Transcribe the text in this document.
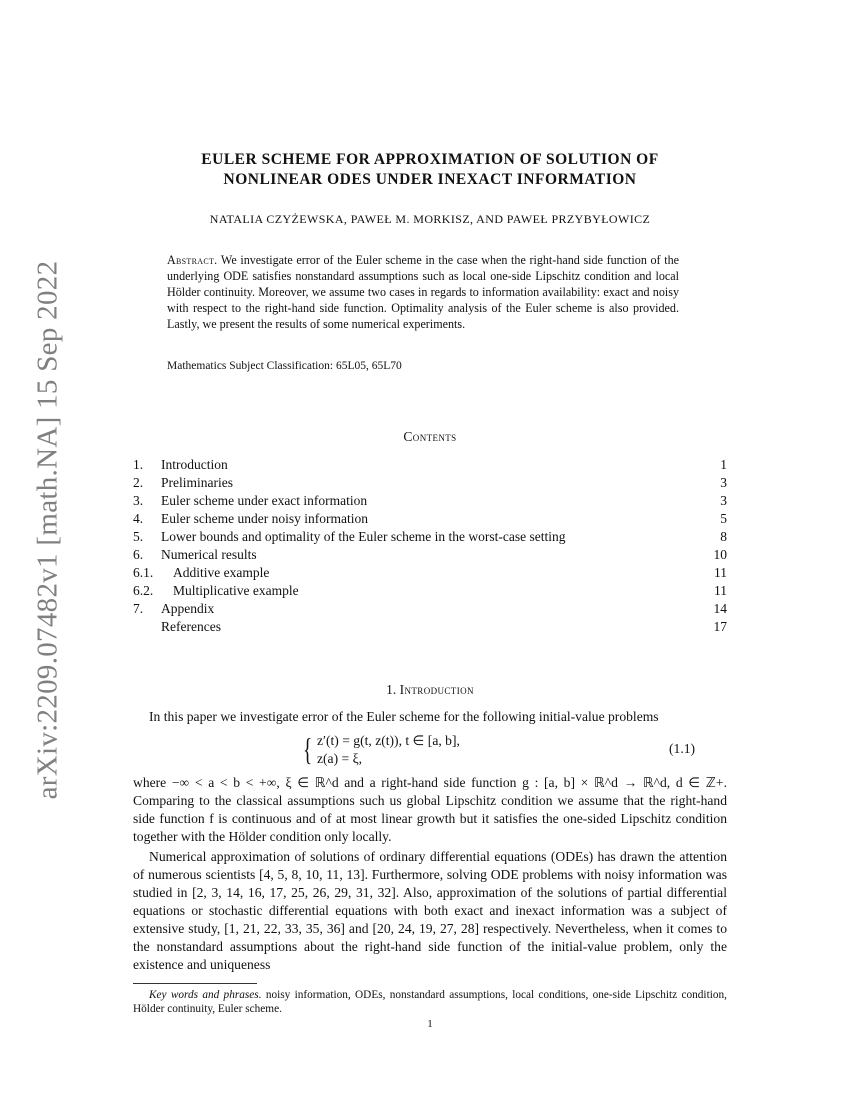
arXiv:2209.07482v1 [math.NA] 15 Sep 2022
EULER SCHEME FOR APPROXIMATION OF SOLUTION OF
NONLINEAR ODES UNDER INEXACT INFORMATION
NATALIA CZYŻEWSKA, PAWEŁ M. MORKISZ, AND PAWEŁ PRZYBYŁOWICZ
Abstract. We investigate error of the Euler scheme in the case when the right-hand side function of the underlying ODE satisfies nonstandard assumptions such as local one-side Lipschitz condition and local Hölder continuity. Moreover, we assume two cases in regards to information availability: exact and noisy with respect to the right-hand side function. Optimality analysis of the Euler scheme is also provided. Lastly, we present the results of some numerical experiments.
Mathematics Subject Classification: 65L05, 65L70
Contents
1.	Introduction	1
2.	Preliminaries	3
3.	Euler scheme under exact information	3
4.	Euler scheme under noisy information	5
5.	Lower bounds and optimality of the Euler scheme in the worst-case setting	8
6.	Numerical results	10
6.1.	Additive example	11
6.2.	Multiplicative example	11
7.	Appendix	14
References	17
1. Introduction
In this paper we investigate error of the Euler scheme for the following initial-value problems
{ z′(t) = g(t, z(t)), t ∈ [a, b],
z(a) = ξ,
(1.1)
where −∞ < a < b < +∞, ξ ∈ ℝ^d and a right-hand side function g : [a, b] × ℝ^d → ℝ^d, d ∈ ℤ+. Comparing to the classical assumptions such us global Lipschitz condition we assume that the right-hand side function f is continuous and of at most linear growth but it satisfies the one-sided Lipschitz condition together with the Hölder condition only locally.
Numerical approximation of solutions of ordinary differential equations (ODEs) has drawn the attention of numerous scientists [4, 5, 8, 10, 11, 13]. Furthermore, solving ODE problems with noisy information was studied in [2, 3, 14, 16, 17, 25, 26, 29, 31, 32]. Also, approximation of the solutions of partial differential equations or stochastic differential equations with both exact and inexact information was a subject of extensive study, [1, 21, 22, 33, 35, 36] and [20, 24, 19, 27, 28] respectively. Nevertheless, when it comes to the nonstandard assumptions about the right-hand side function of the initial-value problem, only the existence and uniqueness
Key words and phrases. noisy information, ODEs, nonstandard assumptions, local conditions, one-side Lipschitz condition, Hölder continuity, Euler scheme.
1
